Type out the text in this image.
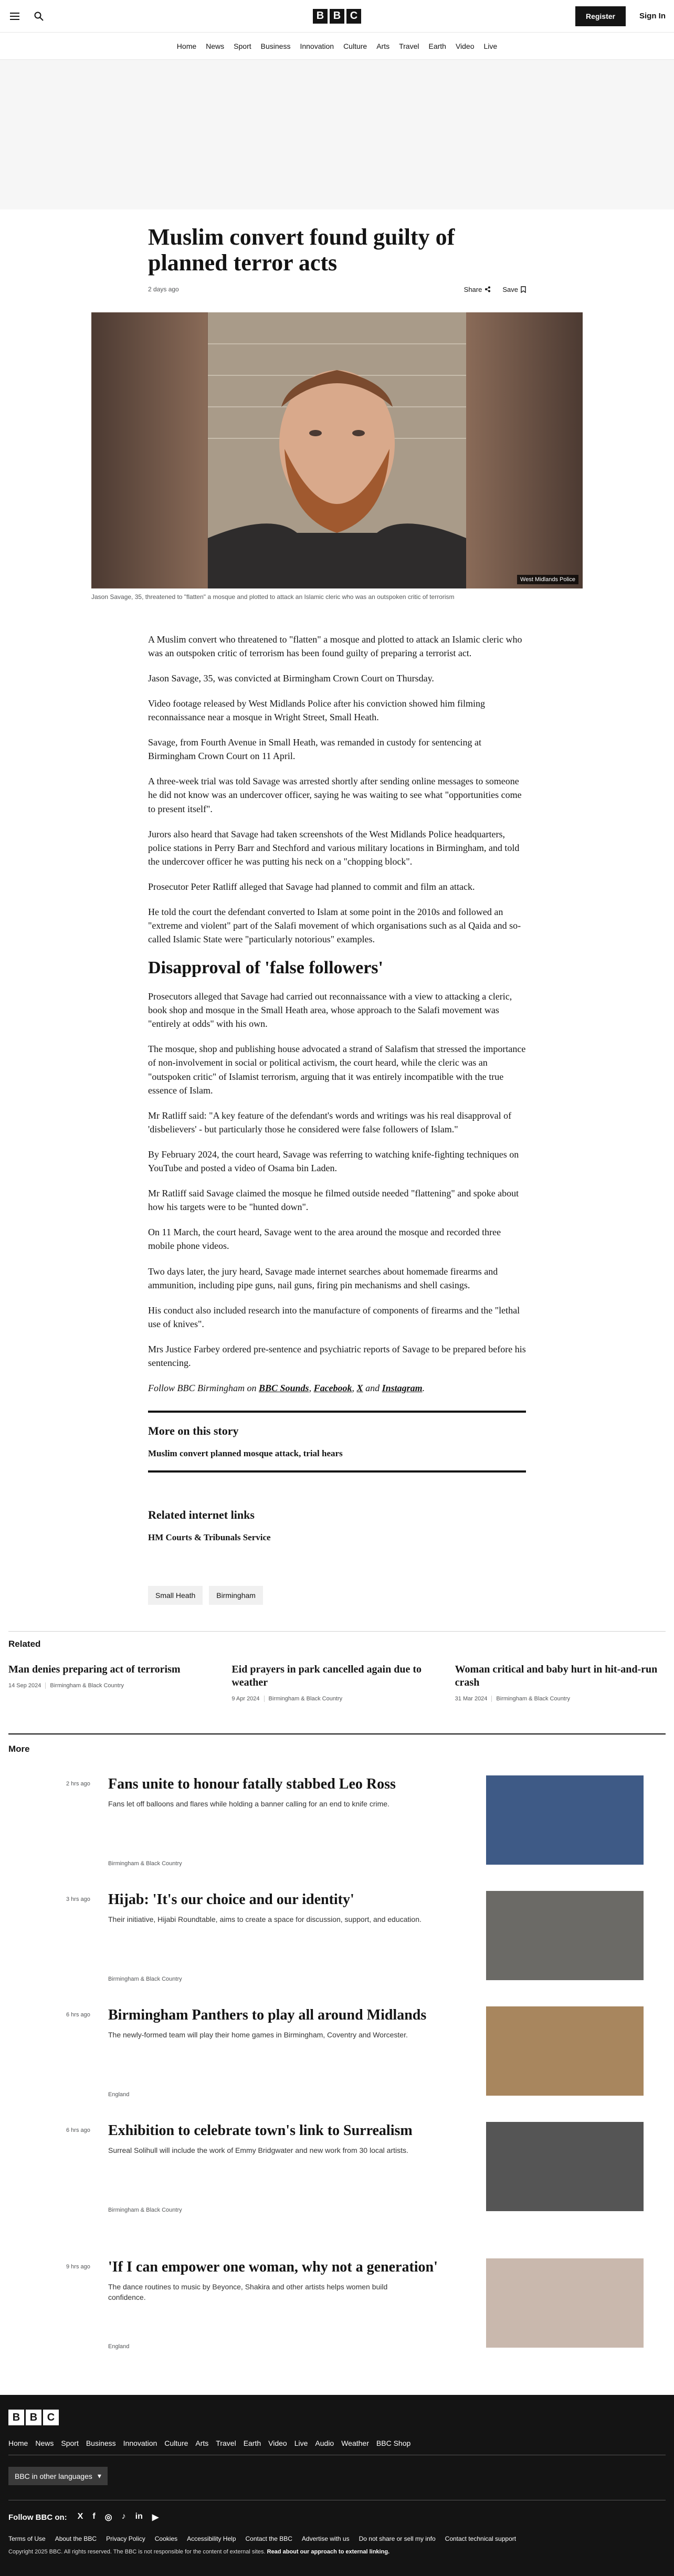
B B C	Register	Sign In
Home News Sport Business Innovation Culture Arts Travel Earth Video Live
Muslim convert found guilty of planned terror acts
2 days ago	Share	Save
West Midlands Police
Jason Savage, 35, threatened to "flatten" a mosque and plotted to attack an Islamic cleric who was an outspoken critic of terrorism

A Muslim convert who threatened to "flatten" a mosque and plotted to attack an Islamic cleric who was an outspoken critic of terrorism has been found guilty of preparing a terrorist act.

Jason Savage, 35, was convicted at Birmingham Crown Court on Thursday.

Video footage released by West Midlands Police after his conviction showed him filming reconnaissance near a mosque in Wright Street, Small Heath.

Savage, from Fourth Avenue in Small Heath, was remanded in custody for sentencing at Birmingham Crown Court on 11 April.

A three-week trial was told Savage was arrested shortly after sending online messages to someone he did not know was an undercover officer, saying he was waiting to see what "opportunities come to present itself".

Jurors also heard that Savage had taken screenshots of the West Midlands Police headquarters, police stations in Perry Barr and Stechford and various military locations in Birmingham, and told the undercover officer he was putting his neck on a "chopping block".

Prosecutor Peter Ratliff alleged that Savage had planned to commit and film an attack.

He told the court the defendant converted to Islam at some point in the 2010s and followed an "extreme and violent" part of the Salafi movement of which organisations such as al Qaida and so-called Islamic State were "particularly notorious" examples.

Disapproval of 'false followers'

Prosecutors alleged that Savage had carried out reconnaissance with a view to attacking a cleric, book shop and mosque in the Small Heath area, whose approach to the Salafi movement was "entirely at odds" with his own.

The mosque, shop and publishing house advocated a strand of Salafism that stressed the importance of non-involvement in social or political activism, the court heard, while the cleric was an "outspoken critic" of Islamist terrorism, arguing that it was entirely incompatible with the true essence of Islam.

Mr Ratliff said: "A key feature of the defendant's words and writings was his real disapproval of 'disbelievers' - but particularly those he considered were false followers of Islam."

By February 2024, the court heard, Savage was referring to watching knife-fighting techniques on YouTube and posted a video of Osama bin Laden.

Mr Ratliff said Savage claimed the mosque he filmed outside needed "flattening" and spoke about how his targets were to be "hunted down".

On 11 March, the court heard, Savage went to the area around the mosque and recorded three mobile phone videos.

Two days later, the jury heard, Savage made internet searches about homemade firearms and ammunition, including pipe guns, nail guns, firing pin mechanisms and shell casings.

His conduct also included research into the manufacture of components of firearms and the "lethal use of knives".

Mrs Justice Farbey ordered pre-sentence and psychiatric reports of Savage to be prepared before his sentencing.

Follow BBC Birmingham on BBC Sounds, Facebook, X and Instagram.

More on this story
Muslim convert planned mosque attack, trial hears
Related internet links
HM Courts & Tribunals Service
Small Heath	Birmingham
Related
Man denies preparing act of terrorism
14 Sep 2024	Birmingham & Black Country
Eid prayers in park cancelled again due to weather
9 Apr 2024	Birmingham & Black Country
Woman critical and baby hurt in hit-and-run crash
31 Mar 2024	Birmingham & Black Country
More
2 hrs ago	Fans unite to honour fatally stabbed Leo Ross
Fans let off balloons and flares while holding a banner calling for an end to knife crime.
Birmingham & Black Country
3 hrs ago	Hijab: 'It's our choice and our identity'
Their initiative, Hijabi Roundtable, aims to create a space for discussion, support, and education.
Birmingham & Black Country
6 hrs ago	Birmingham Panthers to play all around Midlands
The newly-formed team will play their home games in Birmingham, Coventry and Worcester.
England
6 hrs ago	Exhibition to celebrate town's link to Surrealism
Surreal Solihull will include the work of Emmy Bridgwater and new work from 30 local artists.
Birmingham & Black Country
9 hrs ago	'If I can empower one woman, why not a generation'
The dance routines to music by Beyonce, Shakira and other artists helps women build confidence.
England
B B C
Home News Sport Business Innovation Culture Arts Travel Earth Video Live Audio Weather BBC Shop
BBC in other languages ▾
Follow BBC on: X f ◎ ♪ in ▶
Terms of Use About the BBC Privacy Policy Cookies Accessibility Help Contact the BBC Advertise with us Do not share or sell my info Contact technical support
Copyright 2025 BBC. All rights reserved. The BBC is not responsible for the content of external sites. Read about our approach to external linking.
